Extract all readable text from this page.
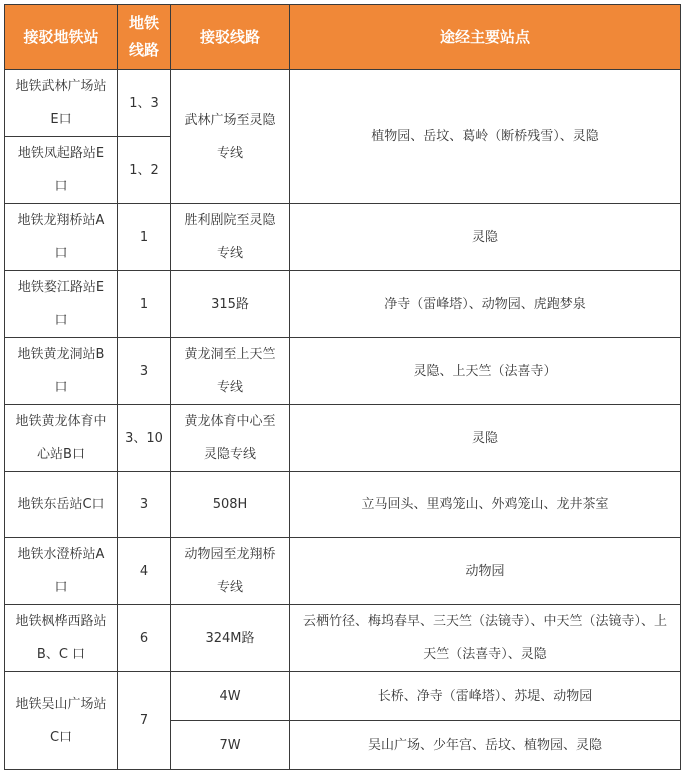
接驳地铁站	地铁线路	接驳线路	途经主要站点
地铁武林广场站E口	1、3	武林广场至灵隐专线	植物园、岳坟、葛岭（断桥残雪）、灵隐
地铁凤起路站E口	1、2		
地铁龙翔桥站A口	1	胜利剧院至灵隐专线	灵隐
地铁婺江路站E口	1	315路	净寺（雷峰塔）、动物园、虎跑梦泉
地铁黄龙洞站B口	3	黄龙洞至上天竺专线	灵隐、上天竺（法喜寺）
地铁黄龙体育中心站B口	3、10	黄龙体育中心至灵隐专线	灵隐
地铁东岳站C口	3	508H	立马回头、里鸡笼山、外鸡笼山、龙井茶室
地铁水澄桥站A口	4	动物园至龙翔桥专线	动物园
地铁枫桦西路站B、C 口	6	324M路	云栖竹径、梅坞春早、三天竺（法镜寺）、中天竺（法镜寺）、上天竺（法喜寺）、灵隐
地铁吴山广场站C口	7	4W	长桥、净寺（雷峰塔）、苏堤、动物园
		7W	吴山广场、少年宫、岳坟、植物园、灵隐
